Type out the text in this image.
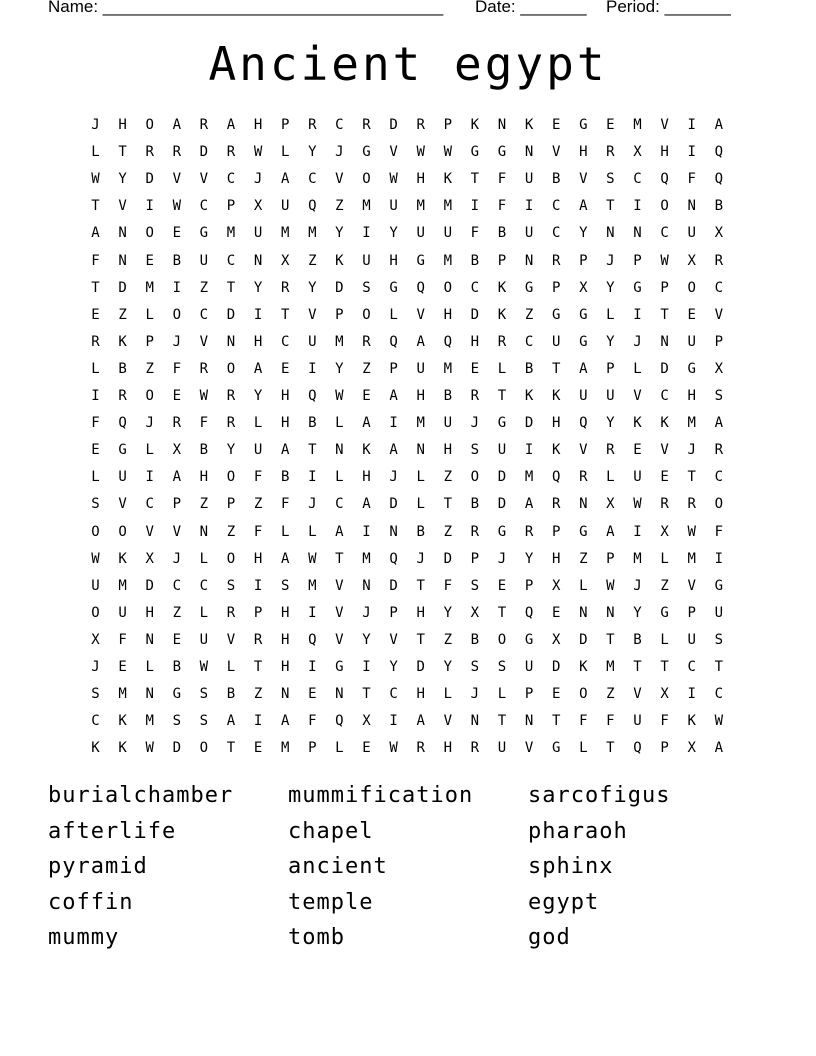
Name: ____________________________________ Date: _______ Period: _______
Ancient egypt
J	H	O	A	R	A	H	P	R	C	R	D	R	P	K	N	K	E	G	E	M	V	I	A
L	T	R	R	D	R	W	L	Y	J	G	V	W	W	G	G	N	V	H	R	X	H	I	Q
W	Y	D	V	V	C	J	A	C	V	O	W	H	K	T	F	U	B	V	S	C	Q	F	Q
T	V	I	W	C	P	X	U	Q	Z	M	U	M	M	I	F	I	C	A	T	I	O	N	B
A	N	O	E	G	M	U	M	M	Y	I	Y	U	U	F	B	U	C	Y	N	N	C	U	X
F	N	E	B	U	C	N	X	Z	K	U	H	G	M	B	P	N	R	P	J	P	W	X	R
T	D	M	I	Z	T	Y	R	Y	D	S	G	Q	O	C	K	G	P	X	Y	G	P	O	C
E	Z	L	O	C	D	I	T	V	P	O	L	V	H	D	K	Z	G	G	L	I	T	E	V
R	K	P	J	V	N	H	C	U	M	R	Q	A	Q	H	R	C	U	G	Y	J	N	U	P
L	B	Z	F	R	O	A	E	I	Y	Z	P	U	M	E	L	B	T	A	P	L	D	G	X
I	R	O	E	W	R	Y	H	Q	W	E	A	H	B	R	T	K	K	U	U	V	C	H	S
F	Q	J	R	F	R	L	H	B	L	A	I	M	U	J	G	D	H	Q	Y	K	K	M	A
E	G	L	X	B	Y	U	A	T	N	K	A	N	H	S	U	I	K	V	R	E	V	J	R
L	U	I	A	H	O	F	B	I	L	H	J	L	Z	O	D	M	Q	R	L	U	E	T	C
S	V	C	P	Z	P	Z	F	J	C	A	D	L	T	B	D	A	R	N	X	W	R	R	O
O	O	V	V	N	Z	F	L	L	A	I	N	B	Z	R	G	R	P	G	A	I	X	W	F
W	K	X	J	L	O	H	A	W	T	M	Q	J	D	P	J	Y	H	Z	P	M	L	M	I
U	M	D	C	C	S	I	S	M	V	N	D	T	F	S	E	P	X	L	W	J	Z	V	G
O	U	H	Z	L	R	P	H	I	V	J	P	H	Y	X	T	Q	E	N	N	Y	G	P	U
X	F	N	E	U	V	R	H	Q	V	Y	V	T	Z	B	O	G	X	D	T	B	L	U	S
J	E	L	B	W	L	T	H	I	G	I	Y	D	Y	S	S	U	D	K	M	T	T	C	T
S	M	N	G	S	B	Z	N	E	N	T	C	H	L	J	L	P	E	O	Z	V	X	I	C
C	K	M	S	S	A	I	A	F	Q	X	I	A	V	N	T	N	T	F	F	U	F	K	W
K	K	W	D	O	T	E	M	P	L	E	W	R	H	R	U	V	G	L	T	Q	P	X	A
burialchamber
afterlife
pyramid
coffin
mummy
mummification
chapel
ancient
temple
tomb
sarcofigus
pharaoh
sphinx
egypt
god
